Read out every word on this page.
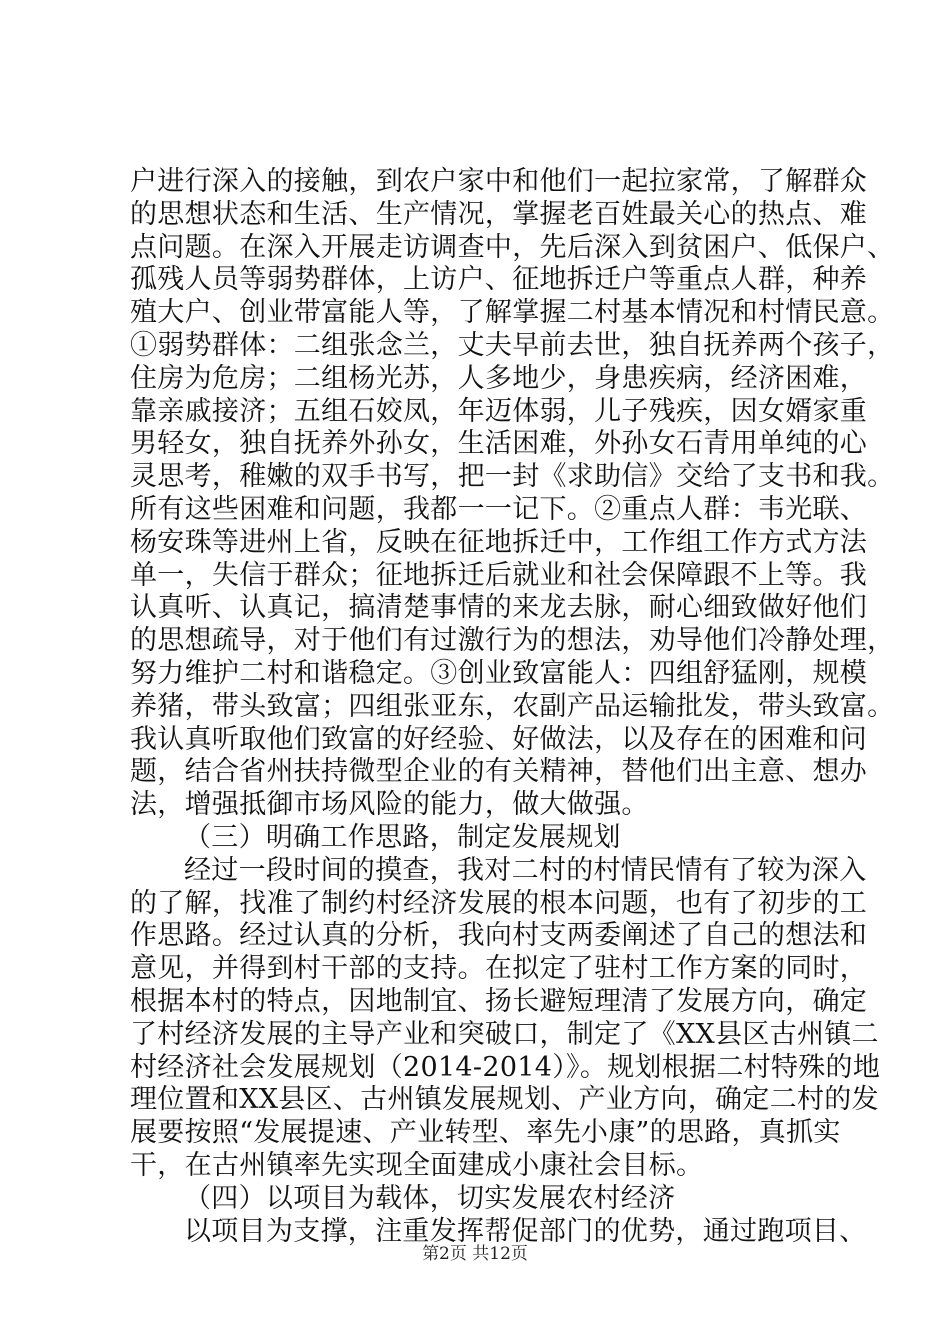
户进行深入的接触，到农户家中和他们一起拉家常，了解群众
的思想状态和生活、生产情况，掌握老百姓最关心的热点、难
点问题。在深入开展走访调查中，先后深入到贫困户、低保户、
孤残人员等弱势群体，上访户、征地拆迁户等重点人群，种养
殖大户、创业带富能人等，了解掌握二村基本情况和村情民意。
①弱势群体：二组张念兰，丈夫早前去世，独自抚养两个孩子，
住房为危房；二组杨光苏，人多地少，身患疾病，经济困难，
靠亲戚接济；五组石姣凤，年迈体弱，儿子残疾，因女婿家重
男轻女，独自抚养外孙女，生活困难，外孙女石青用单纯的心
灵思考，稚嫩的双手书写，把一封《求助信》交给了支书和我。
所有这些困难和问题，我都一一记下。②重点人群：韦光联、
杨安珠等进州上省，反映在征地拆迁中，工作组工作方式方法
单一，失信于群众；征地拆迁后就业和社会保障跟不上等。我
认真听、认真记，搞清楚事情的来龙去脉，耐心细致做好他们
的思想疏导，对于他们有过激行为的想法，劝导他们冷静处理，
努力维护二村和谐稳定。③创业致富能人：四组舒猛刚，规模
养猪，带头致富；四组张亚东，农副产品运输批发，带头致富。
我认真听取他们致富的好经验、好做法，以及存在的困难和问
题，结合省州扶持微型企业的有关精神，替他们出主意、想办
法，增强抵御市场风险的能力，做大做强。
（三）明确工作思路，制定发展规划
经过一段时间的摸查，我对二村的村情民情有了较为深入
的了解，找准了制约村经济发展的根本问题，也有了初步的工
作思路。经过认真的分析，我向村支两委阐述了自己的想法和
意见，并得到村干部的支持。在拟定了驻村工作方案的同时，
根据本村的特点，因地制宜、扬长避短理清了发展方向，确定
了村经济发展的主导产业和突破口，制定了《XX县区古州镇二
村经济社会发展规划（2014-2014）》。规划根据二村特殊的地
理位置和XX县区、古州镇发展规划、产业方向，确定二村的发
展要按照“发展提速、产业转型、率先小康”的思路，真抓实
干，在古州镇率先实现全面建成小康社会目标。
（四）以项目为载体，切实发展农村经济
以项目为支撑，注重发挥帮促部门的优势，通过跑项目、
第2页 共12页
